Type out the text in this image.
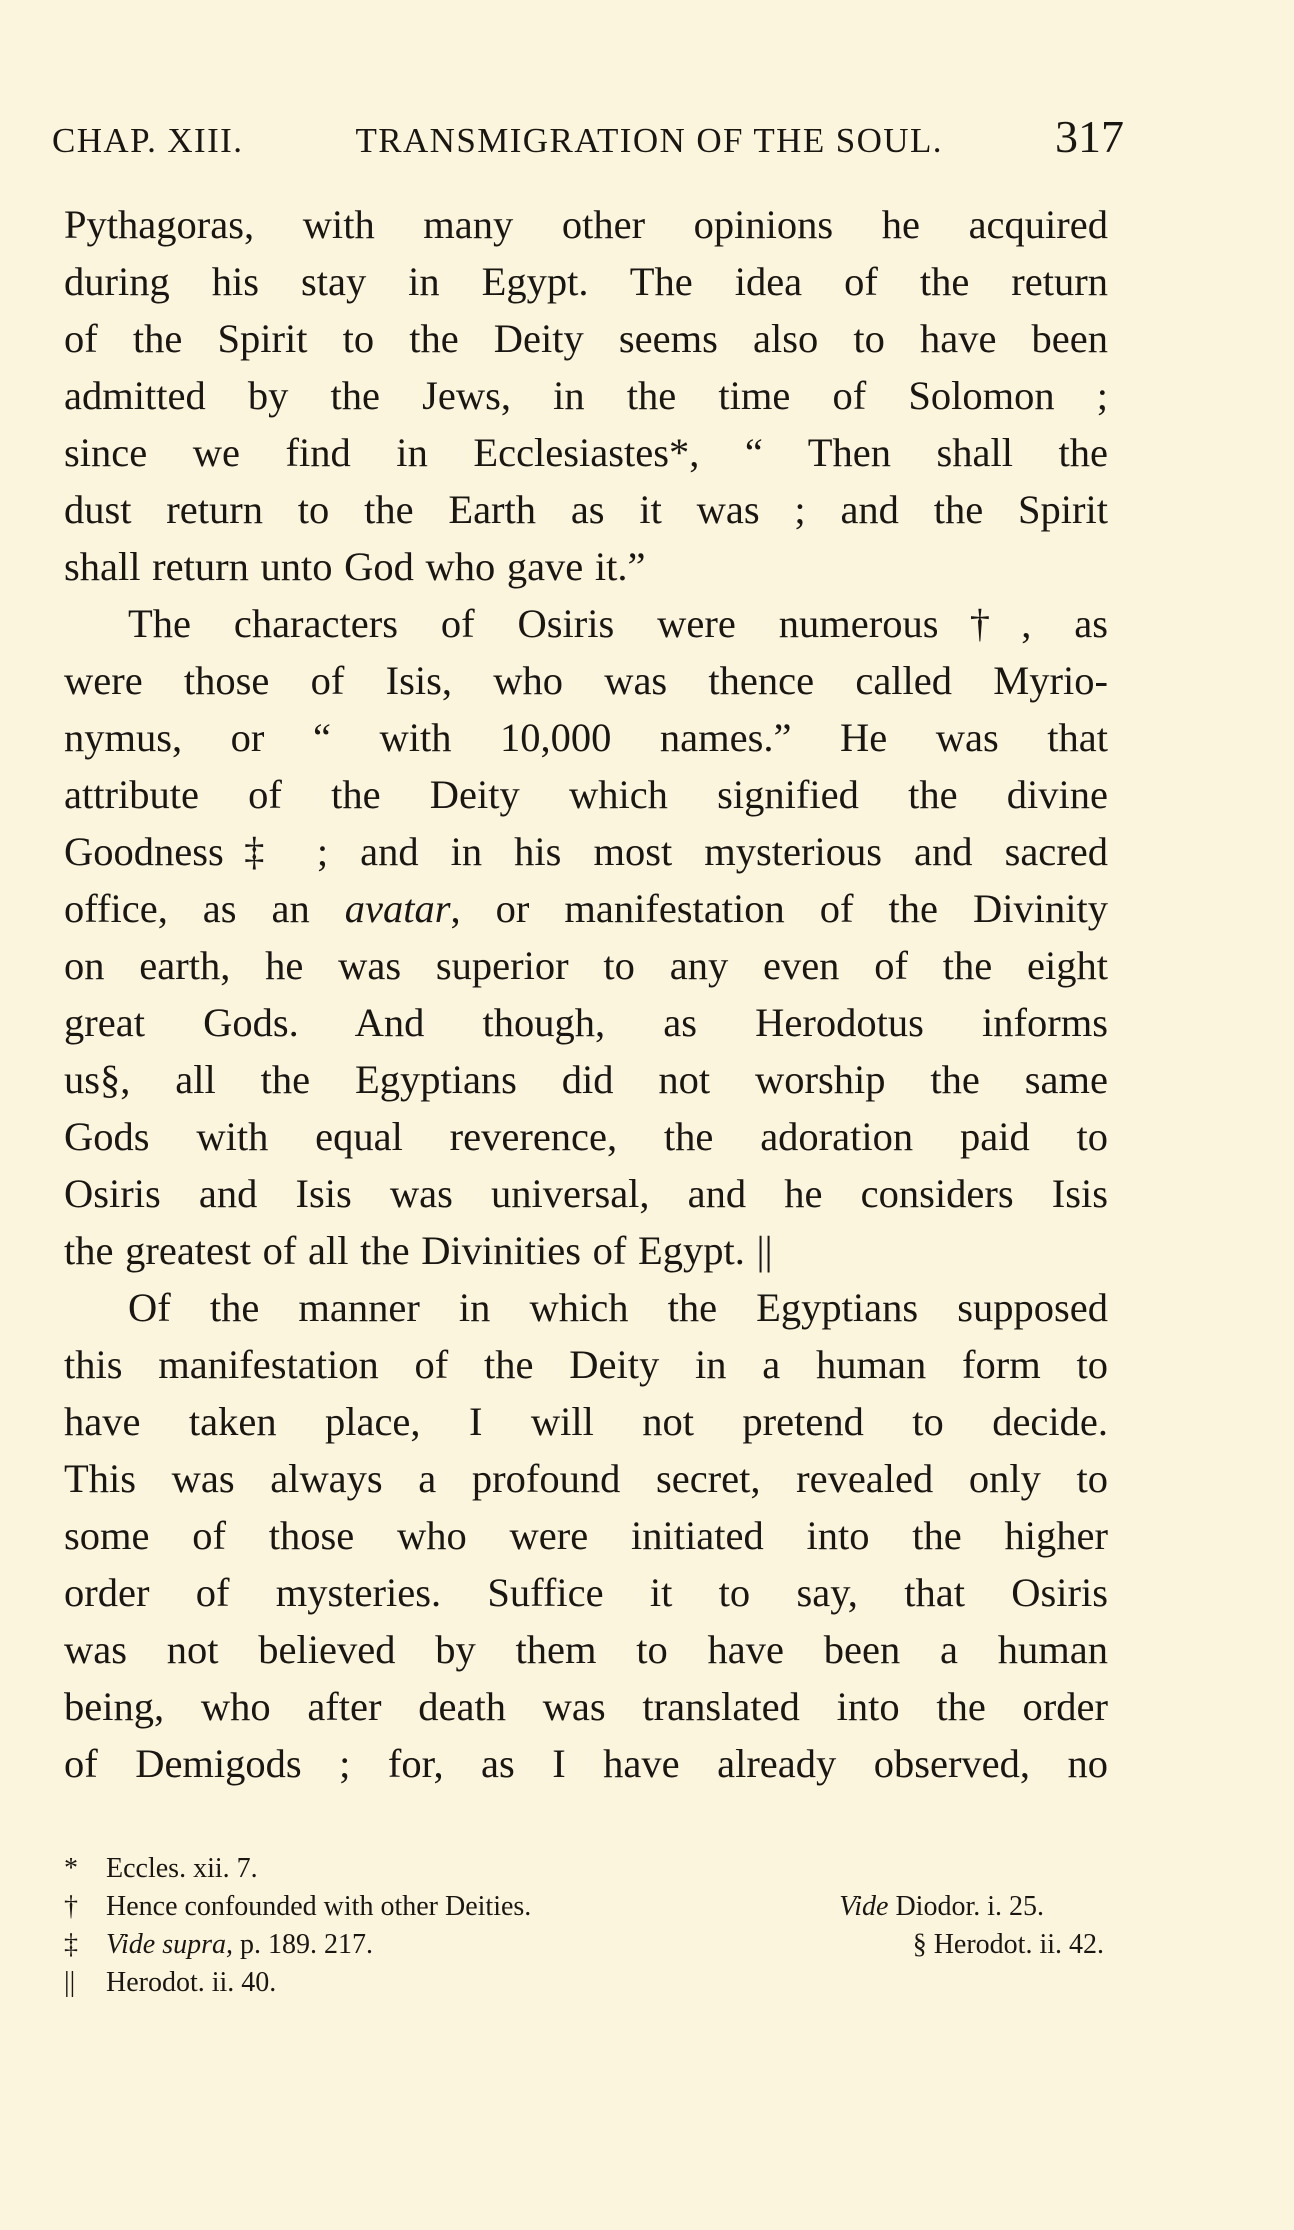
CHAP. XIII.	TRANSMIGRATION OF THE SOUL. 317
Pythagoras, with many other opinions he acquired
during his stay in Egypt. The idea of the return
of the Spirit to the Deity seems also to have been
admitted by the Jews, in the time of Solomon ;
since we find in Ecclesiastes*, “ Then shall the
dust return to the Earth as it was ; and the Spirit
shall return unto God who gave it.”
The characters of Osiris were numerous†, as
were those of Isis, who was thence called Myrio-
nymus, or “ with 10,000 names.” He was that
attribute of the Deity which signified the divine
Goodness‡ ; and in his most mysterious and sacred
office, as an avatar, or manifestation of the Divinity
on earth, he was superior to any even of the eight
great Gods. And though, as Herodotus informs
us§, all the Egyptians did not worship the same
Gods with equal reverence, the adoration paid to
Osiris and Isis was universal, and he considers Isis
the greatest of all the Divinities of Egypt. ||
Of the manner in which the Egyptians supposed
this manifestation of the Deity in a human form to
have taken place, I will not pretend to decide.
This was always a profound secret, revealed only to
some of those who were initiated into the higher
order of mysteries. Suffice it to say, that Osiris
was not believed by them to have been a human
being, who after death was translated into the order
of Demigods ; for, as I have already observed, no
* Eccles. xii. 7.
† Hence confounded with other Deities.	Vide Diodor. i. 25.
‡ Vide supra, p. 189. 217.	§ Herodot. ii. 42.
|| Herodot. ii. 40.
